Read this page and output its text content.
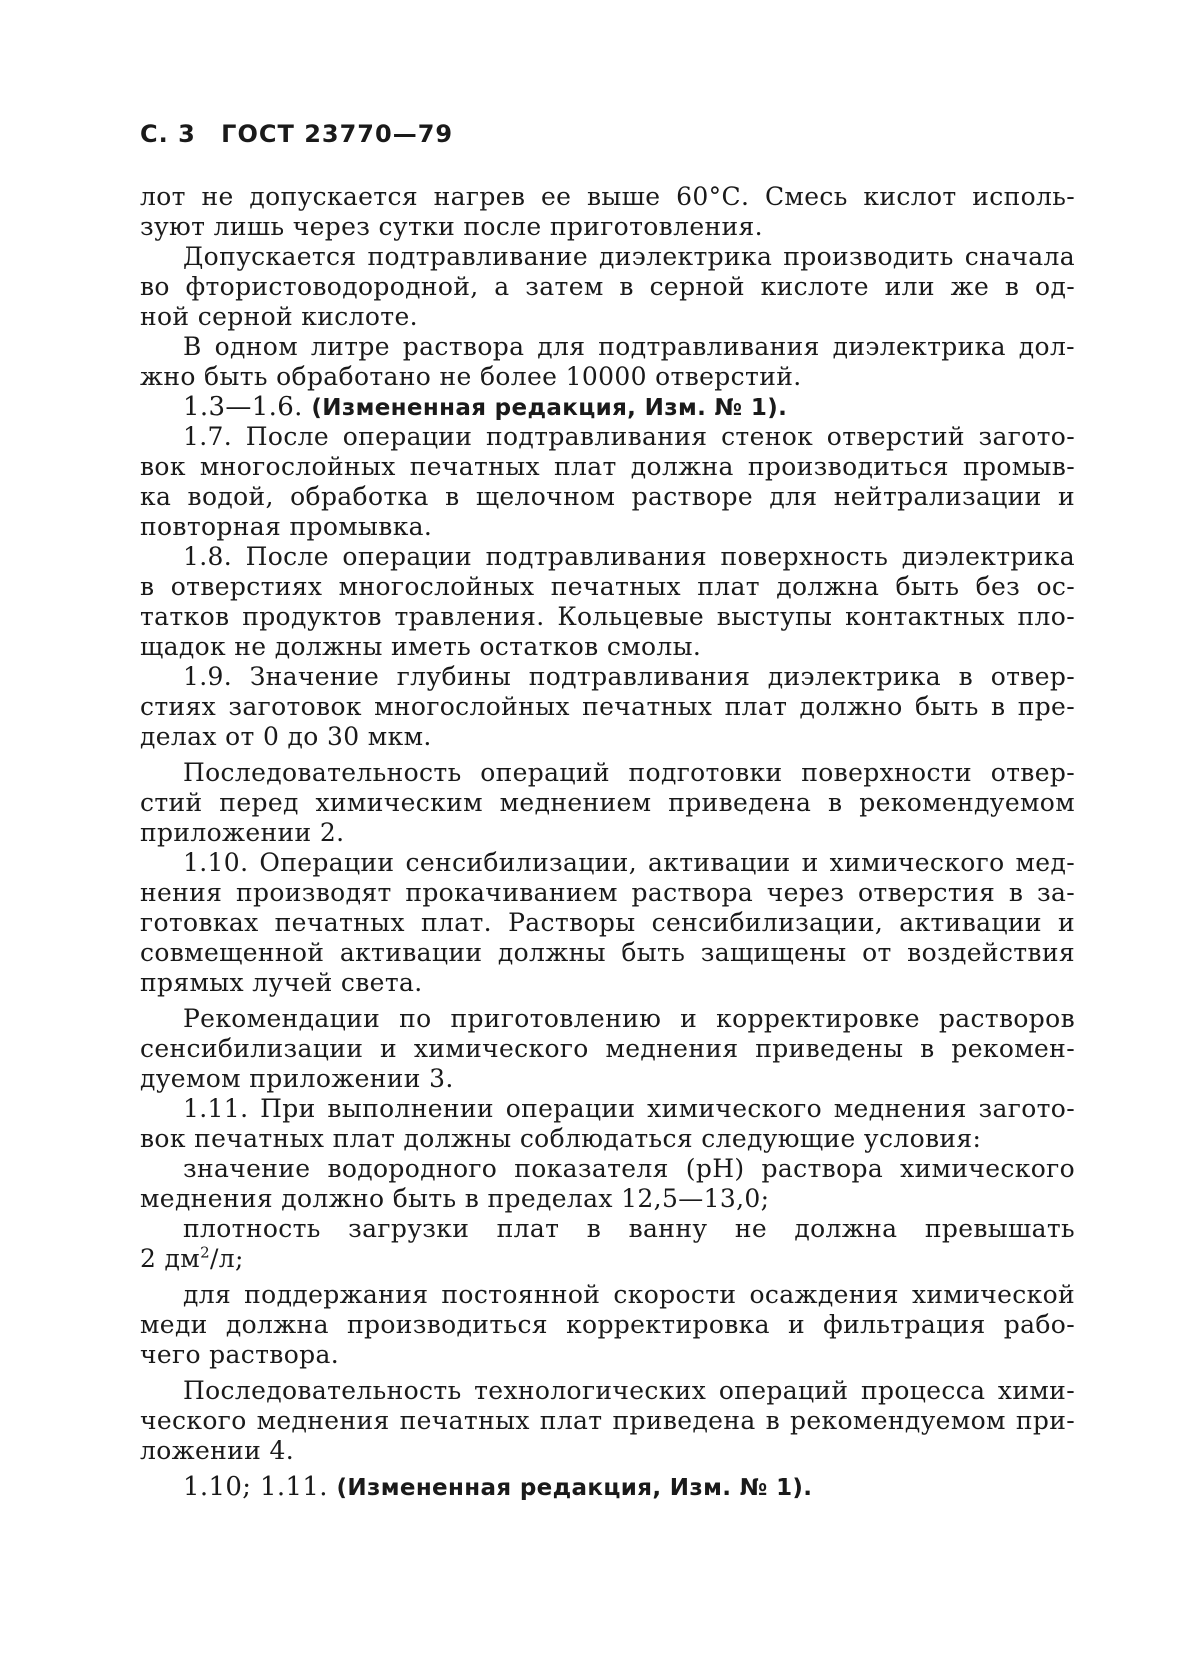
С. 3 ГОСТ 23770—79
лот не допускается нагрев ее выше 60°С. Смесь кислот исполь-
зуют лишь через сутки после приготовления.
Допускается подтравливание диэлектрика производить сначала
во фтористоводородной, а затем в серной кислоте или же в од-
ной серной кислоте.
В одном литре раствора для подтравливания диэлектрика дол-
жно быть обработано не более 10000 отверстий.
1.3—1.6. (Измененная редакция, Изм. № 1).
1.7. После операции подтравливания стенок отверстий загото-
вок многослойных печатных плат должна производиться промыв-
ка водой, обработка в щелочном растворе для нейтрализации и
повторная промывка.
1.8. После операции подтравливания поверхность диэлектрика
в отверстиях многослойных печатных плат должна быть без ос-
татков продуктов травления. Кольцевые выступы контактных пло-
щадок не должны иметь остатков смолы.
1.9. Значение глубины подтравливания диэлектрика в отвер-
стиях заготовок многослойных печатных плат должно быть в пре-
делах от 0 до 30 мкм.
Последовательность операций подготовки поверхности отвер-
стий перед химическим меднением приведена в рекомендуемом
приложении 2.
1.10. Операции сенсибилизации, активации и химического мед-
нения производят прокачиванием раствора через отверстия в за-
готовках печатных плат. Растворы сенсибилизации, активации и
совмещенной активации должны быть защищены от воздействия
прямых лучей света.
Рекомендации по приготовлению и корректировке растворов
сенсибилизации и химического меднения приведены в рекомен-
дуемом приложении 3.
1.11. При выполнении операции химического меднения загото-
вок печатных плат должны соблюдаться следующие условия:
значение водородного показателя (pH) раствора химического
меднения должно быть в пределах 12,5—13,0;
плотность загрузки плат в ванну не должна превышать
2 $дм^2/л$;
для поддержания постоянной скорости осаждения химической
меди должна производиться корректировка и фильтрация рабо-
чего раствора.
Последовательность технологических операций процесса хими-
ческого меднения печатных плат приведена в рекомендуемом при-
ложении 4.
1.10; 1.11. (Измененная редакция, Изм. № 1).
